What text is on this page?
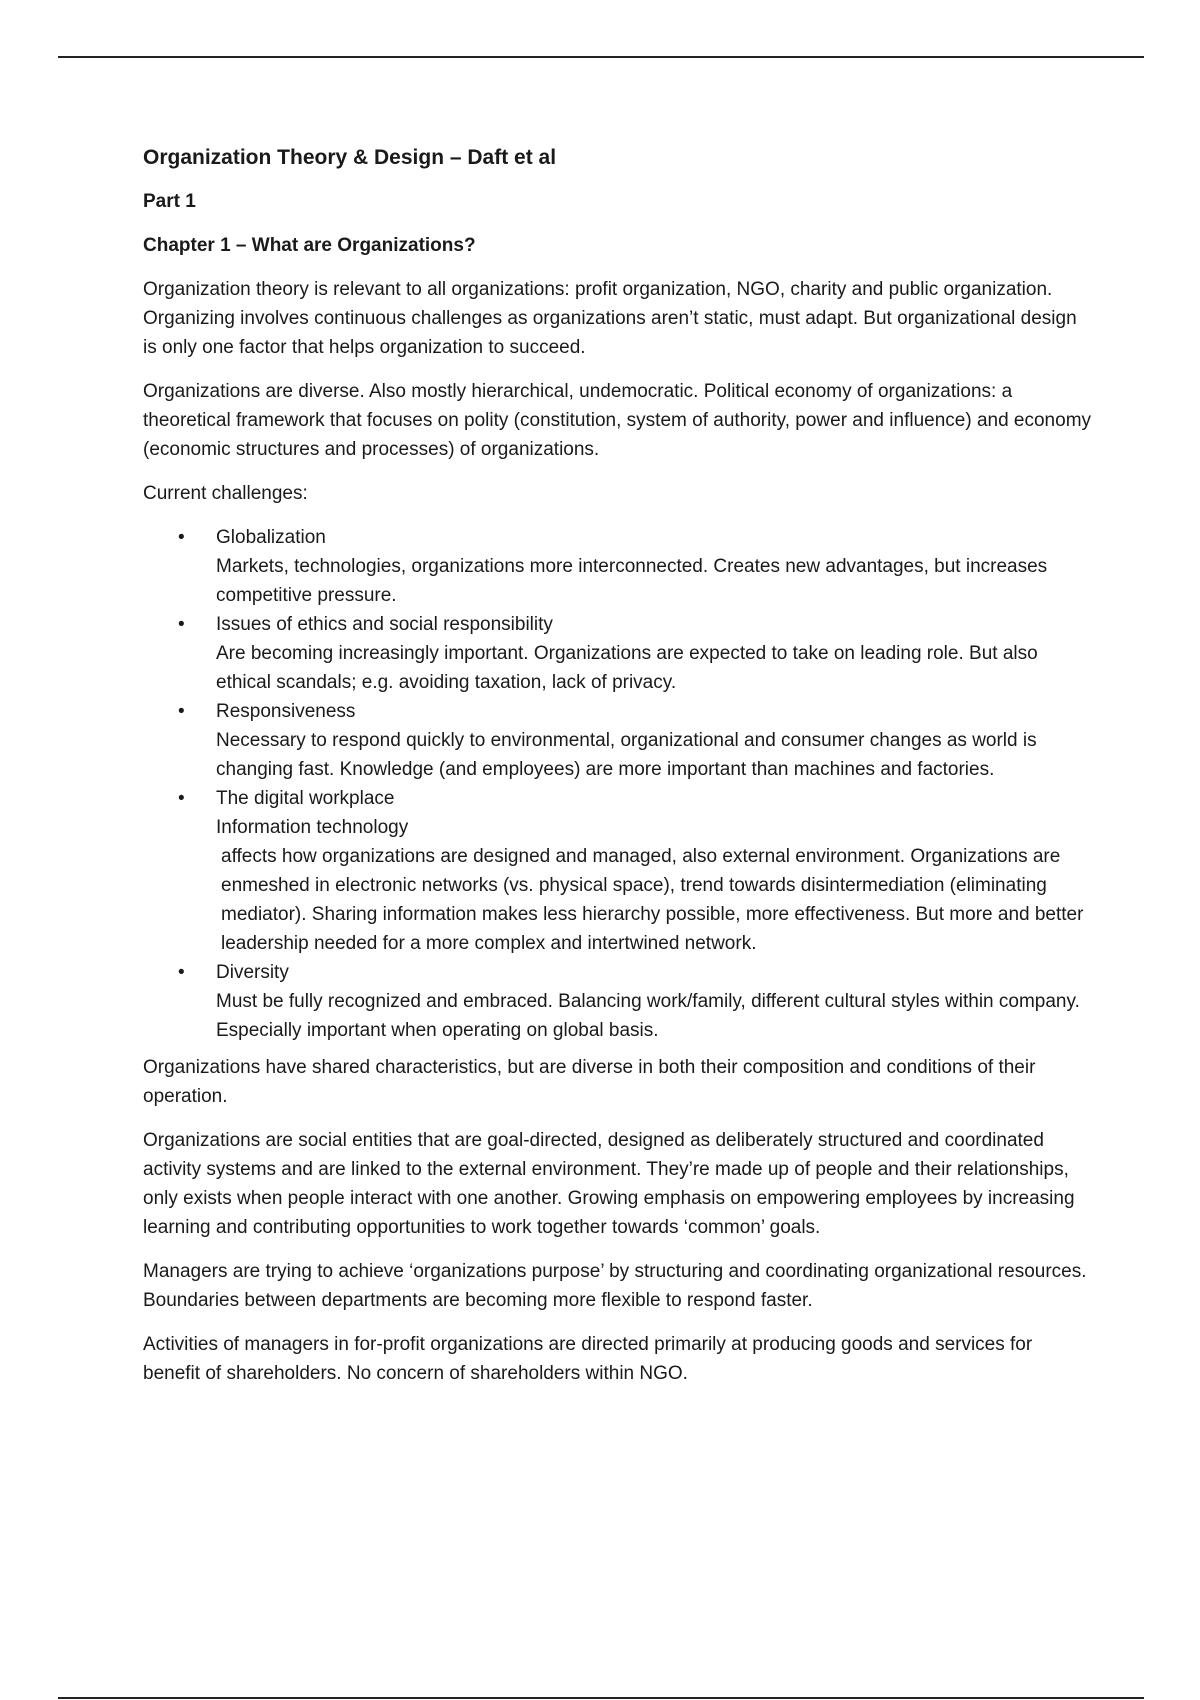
Organization Theory & Design – Daft et al
Part 1
Chapter 1 – What are Organizations?

Organization theory is relevant to all organizations: profit organization, NGO, charity and public organization. Organizing involves continuous challenges as organizations aren’t static, must adapt. But organizational design is only one factor that helps organization to succeed.

Organizations are diverse. Also mostly hierarchical, undemocratic. Political economy of organizations: a theoretical framework that focuses on polity (constitution, system of authority, power and influence) and economy (economic structures and processes) of organizations.

Current challenges:

• Globalization
Markets, technologies, organizations more interconnected. Creates new advantages, but increases competitive pressure.
• Issues of ethics and social responsibility
Are becoming increasingly important. Organizations are expected to take on leading role. But also ethical scandals; e.g. avoiding taxation, lack of privacy.
• Responsiveness
Necessary to respond quickly to environmental, organizational and consumer changes as world is changing fast. Knowledge (and employees) are more important than machines and factories.
• The digital workplace
Information technology
affects how organizations are designed and managed, also external environment. Organizations are enmeshed in electronic networks (vs. physical space), trend towards disintermediation (eliminating mediator). Sharing information makes less hierarchy possible, more effectiveness. But more and better leadership needed for a more complex and intertwined network.
• Diversity
Must be fully recognized and embraced. Balancing work/family, different cultural styles within company. Especially important when operating on global basis.

Organizations have shared characteristics, but are diverse in both their composition and conditions of their operation.

Organizations are social entities that are goal-directed, designed as deliberately structured and coordinated activity systems and are linked to the external environment. They’re made up of people and their relationships, only exists when people interact with one another. Growing emphasis on empowering employees by increasing learning and contributing opportunities to work together towards ‘common’ goals.

Managers are trying to achieve ‘organizations purpose’ by structuring and coordinating organizational resources. Boundaries between departments are becoming more flexible to respond faster.

Activities of managers in for-profit organizations are directed primarily at producing goods and services for benefit of shareholders. No concern of shareholders within NGO.
